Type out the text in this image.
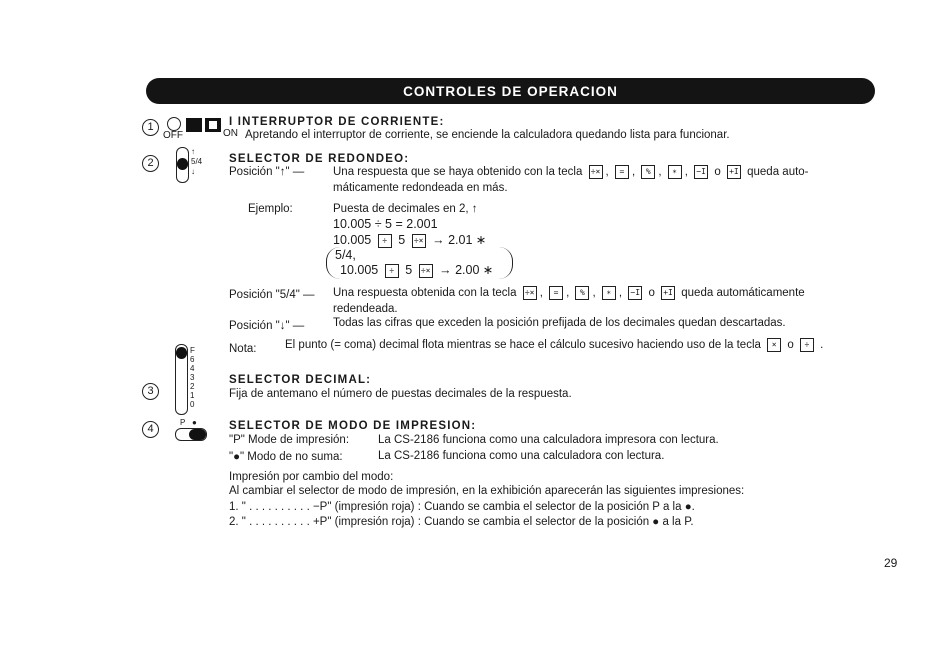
CONTROLES DE OPERACION
1
OFF	ON
I INTERRUPTOR DE CORRIENTE:
Apretando el interruptor de corriente, se enciende la calculadora quedando lista para funcionar.
2
↑
5/4
↓
SELECTOR DE REDONDEO:
Posición "↑" — Una respuesta que se haya obtenido con la tecla ÷× , = , % , ∗ , −I o +I queda auto-
máticamente redondeada en más.
Ejemplo:	Puesta de decimales en 2, ↑
10.005 ÷ 5 = 2.001
10.005 ÷ 5 ÷× → 2.01 ∗
5/4,
10.005 ÷ 5 ÷× → 2.00 ∗
Posición "5/4" — Una respuesta obtenida con la tecla ÷× , = , % , ∗ , −I o +I queda automáticamente
redendeada.
Posición "↓" — Todas las cifras que exceden la posición prefijada de los decimales quedan descartadas.
Nota: El punto (= coma) decimal flota mientras se hace el cálculo sucesivo haciendo uso de la tecla × o ÷ .
F
6
4
3
2
1
0
3
SELECTOR DECIMAL:
Fija de antemano el número de puestas decimales de la respuesta.
4
P ●	SELECTOR DE MODO DE IMPRESION:
"P" Mode de impresión:	La CS-2186 funciona como una calculadora impresora con lectura.
"●" Modo de no suma:	La CS-2186 funciona como una calculadora con lectura.
Impresión por cambio del modo:
Al cambiar el selector de modo de impresión, en la exhibición aparecerán las siguientes impresiones:
1. " . . . . . . . . . . −P" (impresión roja) : Cuando se cambia el selector de la posición P a la ●.
2. " . . . . . . . . . . +P" (impresión roja) : Cuando se cambia el selector de la posición ● a la P.
29
